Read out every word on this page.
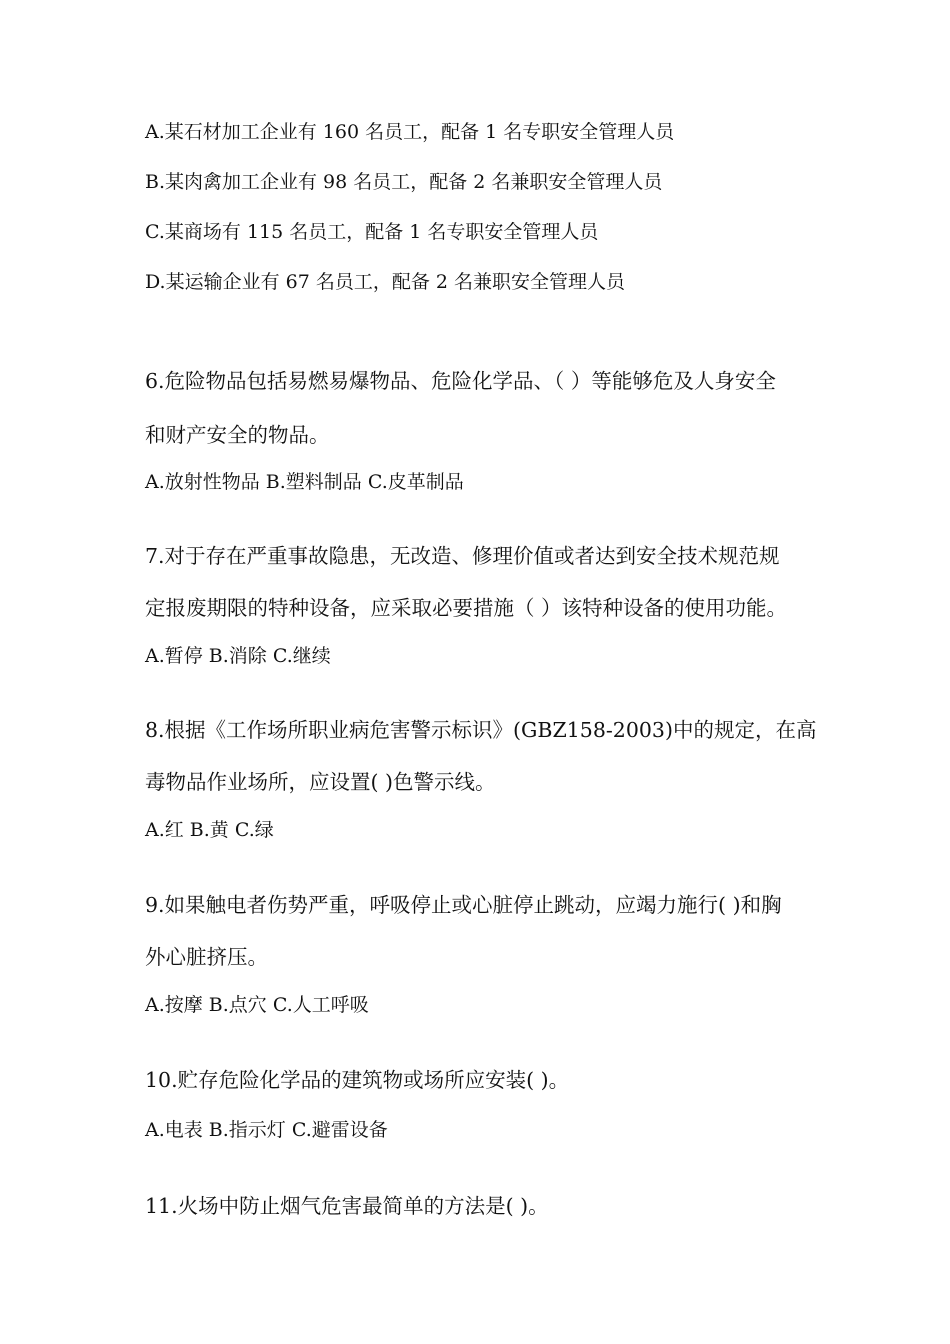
A.某石材加工企业有 160 名员工，配备 1 名专职安全管理人员
B.某肉禽加工企业有 98 名员工，配备 2 名兼职安全管理人员
C.某商场有 115 名员工，配备 1 名专职安全管理人员
D.某运输企业有 67 名员工，配备 2 名兼职安全管理人员
6.危险物品包括易燃易爆物品、危险化学品、（ ）等能够危及人身安全
和财产安全的物品。
A.放射性物品 B.塑料制品 C.皮革制品
7.对于存在严重事故隐患，无改造、修理价值或者达到安全技术规范规
定报废期限的特种设备，应采取必要措施（ ）该特种设备的使用功能。
A.暂停 B.消除 C.继续
8.根据《工作场所职业病危害警示标识》(GBZ158-2003)中的规定，在高
毒物品作业场所，应设置( )色警示线。
A.红 B.黄 C.绿
9.如果触电者伤势严重，呼吸停止或心脏停止跳动，应竭力施行( )和胸
外心脏挤压。
A.按摩 B.点穴 C.人工呼吸
10.贮存危险化学品的建筑物或场所应安装( )。
A.电表 B.指示灯 C.避雷设备
11.火场中防止烟气危害最简单的方法是( )。
